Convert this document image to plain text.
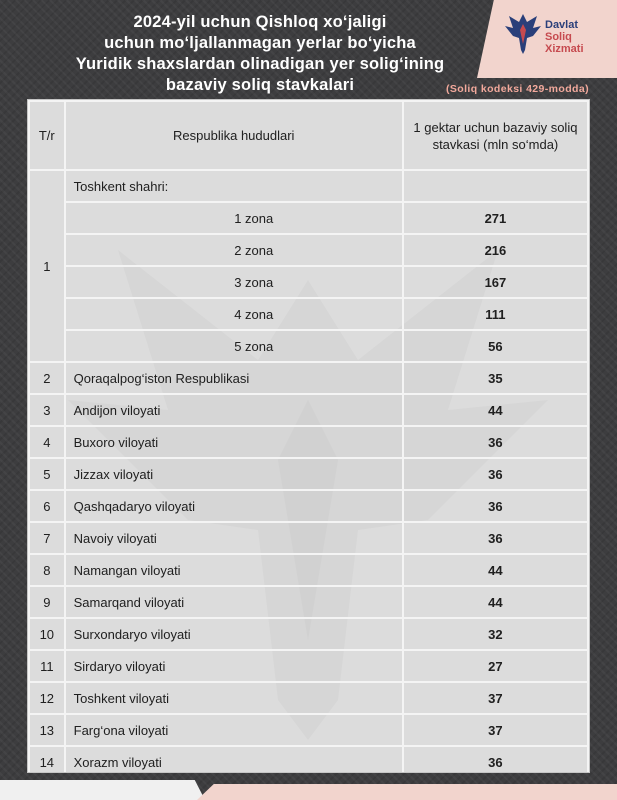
Davlat
Soliq
Xizmati
2024-yil uchun Qishloq xo‘jaligi
uchun mo‘ljallanmagan yerlar bo‘yicha
Yuridik shaxslardan olinadigan yer solig‘ining
bazaviy soliq stavkalari	(Soliq kodeksi 429-modda)
T/r	Respublika hududlari	1 gektar uchun bazaviy soliq stavkasi (mln so‘mda)
1	Toshkent shahri:	
	1 zona	271
	2 zona	216
	3 zona	167
	4 zona	111
	5 zona	56
2	Qoraqalpog‘iston Respublikasi	35
3	Andijon viloyati	44
4	Buxoro viloyati	36
5	Jizzax viloyati	36
6	Qashqadaryo viloyati	36
7	Navoiy viloyati	36
8	Namangan viloyati	44
9	Samarqand viloyati	44
10	Surxondaryo viloyati	32
11	Sirdaryo viloyati	27
12	Toshkent viloyati	37
13	Farg‘ona viloyati	37
14	Xorazm viloyati	36
